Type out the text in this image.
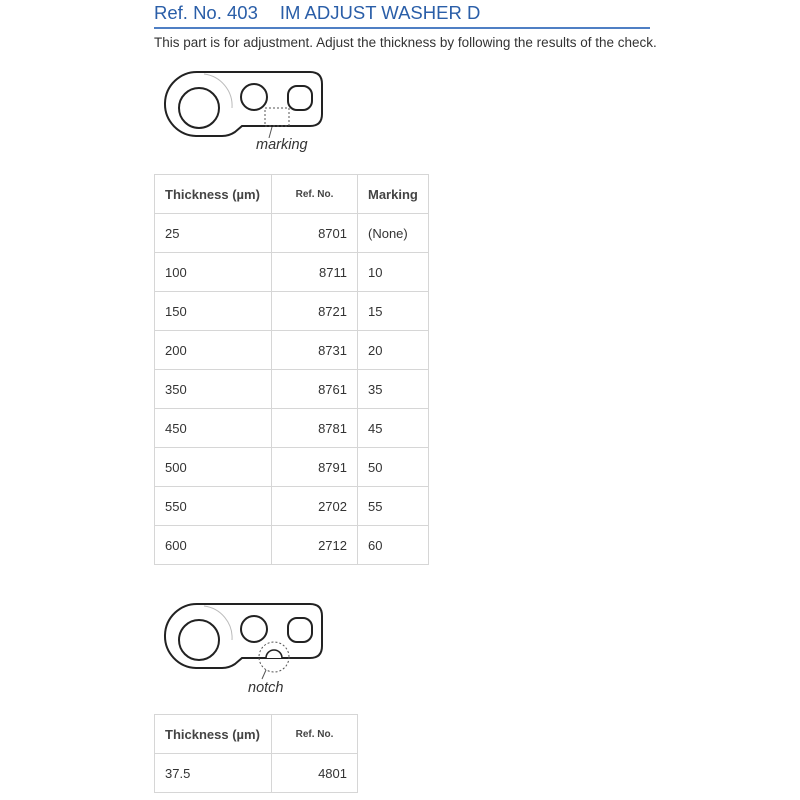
Ref. No. 403 IM ADJUST WASHER D
This part is for adjustment. Adjust the thickness by following the results of the check.
marking
Thickness (µm)	Ref. No.	Marking
25	8701	(None)
100	8711	10
150	8721	15
200	8731	20
350	8761	35
450	8781	45
500	8791	50
550	2702	55
600	2712	60
notch
Thickness (µm)	Ref. No.
37.5	4801
